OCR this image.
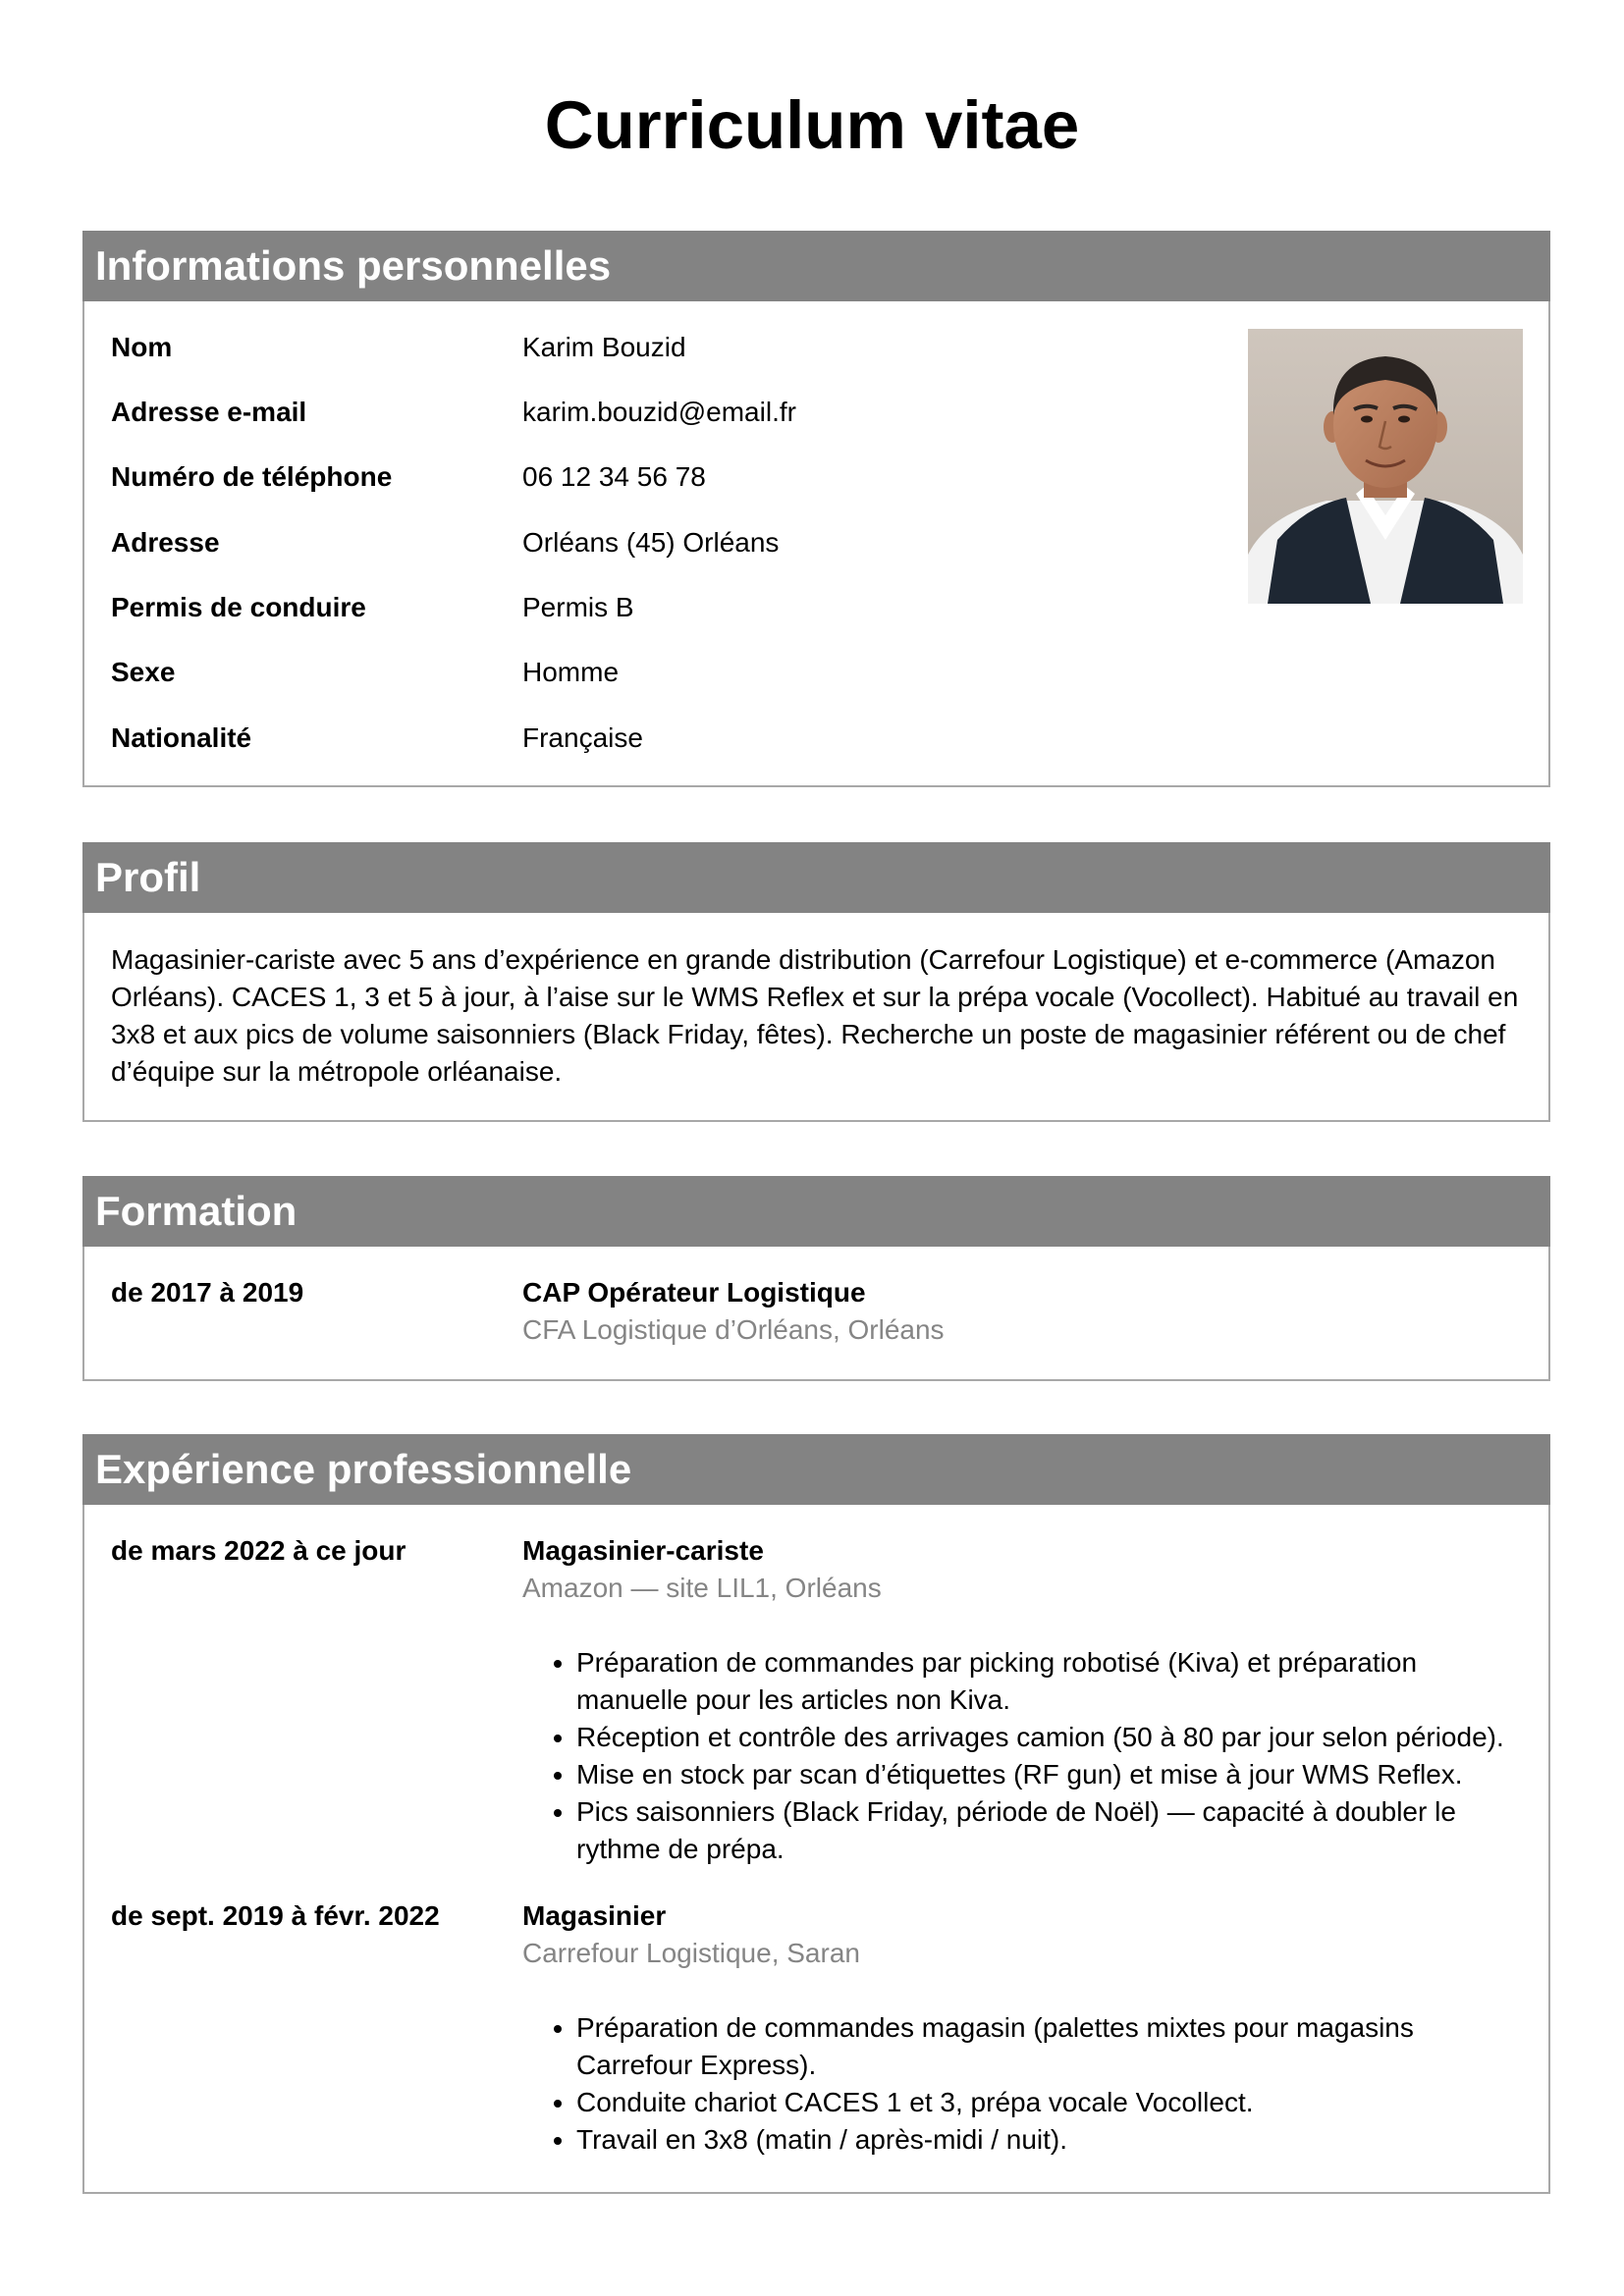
Curriculum vitae
Informations personnelles
Nom	Karim Bouzid
Adresse e-mail	karim.bouzid@email.fr
Numéro de téléphone	06 12 34 56 78
Adresse	Orléans (45) Orléans
Permis de conduire	Permis B
Sexe	Homme
Nationalité	Française
Profil
Magasinier-cariste avec 5 ans d’expérience en grande distribution (Carrefour Logistique) et e-commerce (Amazon Orléans). CACES 1, 3 et 5 à jour, à l’aise sur le WMS Reflex et sur la prépa vocale (Vocollect). Habitué au travail en 3x8 et aux pics de volume saisonniers (Black Friday, fêtes). Recherche un poste de magasinier référent ou de chef d’équipe sur la métropole orléanaise.
Formation
de 2017 à 2019	CAP Opérateur Logistique
CFA Logistique d’Orléans, Orléans
Expérience professionnelle
de mars 2022 à ce jour	Magasinier-cariste
Amazon — site LIL1, Orléans
• Préparation de commandes par picking robotisé (Kiva) et préparation manuelle pour les articles non Kiva.
• Réception et contrôle des arrivages camion (50 à 80 par jour selon période).
• Mise en stock par scan d’étiquettes (RF gun) et mise à jour WMS Reflex.
• Pics saisonniers (Black Friday, période de Noël) — capacité à doubler le rythme de prépa.
de sept. 2019 à févr. 2022	Magasinier
Carrefour Logistique, Saran
• Préparation de commandes magasin (palettes mixtes pour magasins Carrefour Express).
• Conduite chariot CACES 1 et 3, prépa vocale Vocollect.
• Travail en 3x8 (matin / après-midi / nuit).
